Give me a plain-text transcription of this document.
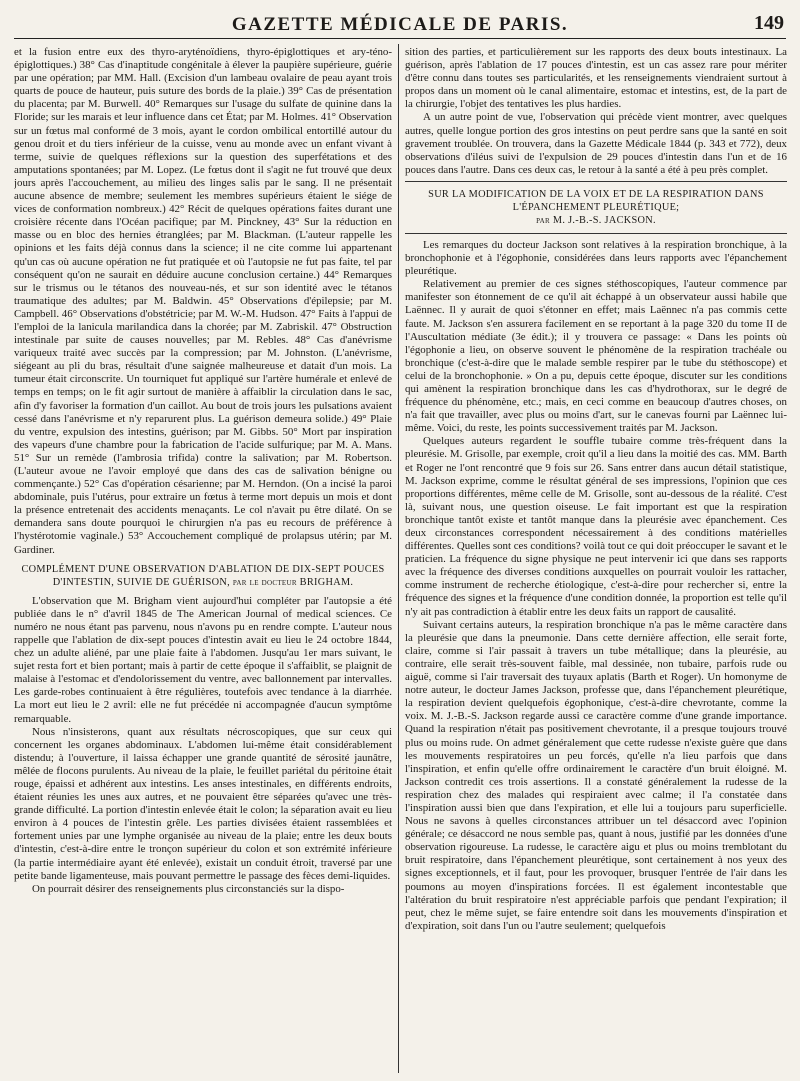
GAZETTE MÉDICALE DE PARIS.	149

et la fusion entre eux des thyro-aryténoïdiens, thyro-épiglottiques et ary-téno-épiglottiques.) 38° Cas d'inaptitude congénitale à élever la paupière supérieure, guérie par une opération; par MM. Hall. (Excision d'un lambeau ovalaire de peau ayant trois quarts de pouce de hauteur, puis suture des bords de la plaie.) 39° Cas de présentation du placenta; par M. Burwell. 40° Remarques sur l'usage du sulfate de quinine dans la Floride; sur les marais et leur influence dans cet État; par M. Holmes. 41° Observation sur un fœtus mal conformé de 3 mois, ayant le cordon ombilical entortillé autour du genou droit et du tiers inférieur de la cuisse, venu au monde avec un enfant vivant à terme, suivie de quelques réflexions sur la question des superfétations et des amputations spontanées; par M. Lopez. (Le fœtus dont il s'agit ne fut trouvé que deux jours après l'accouchement, au milieu des linges salis par le sang. Il ne présentait aucune absence de membre; seulement les membres supérieurs étaient le siége de vices de conformation nombreux.) 42° Récit de quelques opérations faites durant une croisière récente dans l'Océan pacifique; par M. Pinckney, 43° Sur la réduction en masse ou en bloc des hernies étranglées; par M. Blackman. (L'auteur rappelle les opinions et les faits déjà connus dans la science; il ne cite comme lui appartenant qu'un cas où aucune opération ne fut pratiquée et où l'autopsie ne fut pas faite, tel par conséquent qu'on ne saurait en déduire aucune conclusion certaine.) 44° Remarques sur le trismus ou le tétanos des nouveau-nés, et sur son identité avec le tétanos traumatique des adultes; par M. Baldwin. 45° Observations d'épilepsie; par M. Campbell. 46° Observations d'obstétricie; par M. W.-M. Hudson. 47° Faits à l'appui de l'emploi de la lanicula marilandica dans la chorée; par M. Zabriskil. 47° Obstruction intestinale par suite de causes nouvelles; par M. Rebles. 48° Cas d'anévrisme variqueux traité avec succès par la compression; par M. Johnston. (L'anévrisme, siégeant au pli du bras, résultait d'une saignée malheureuse et datait d'un mois. La tumeur était circonscrite. Un tourniquet fut appliqué sur l'artère humérale et enlevé de temps en temps; on le fit agir surtout de manière à affaiblir la circulation dans le sac, afin d'y favoriser la formation d'un caillot. Au bout de trois jours les pulsations avaient cessé dans l'anévrisme et n'y reparurent plus. La guérison demeura solide.) 49° Plaie du ventre, expulsion des intestins, guérison; par M. Gibbs. 50° Mort par inspiration des vapeurs d'une chambre pour la fabrication de l'acide sulfurique; par M. A. Mans. 51° Sur un remède (l'ambrosia trifida) contre la salivation; par M. Robertson. (L'auteur avoue ne l'avoir employé que dans des cas de salivation bénigne ou commençante.) 52° Cas d'opération césarienne; par M. Herndon. (On a incisé la paroi abdominale, puis l'utérus, pour extraire un fœtus à terme mort depuis un mois et dont la présence entretenait des accidents menaçants. Le col n'avait pu être dilaté. On se demandera sans doute pourquoi le chirurgien n'a pas eu recours de préférence à l'hystérotomie vaginale.) 53° Accouchement compliqué de prolapsus utérin; par M. Gardiner.

COMPLÉMENT D'UNE OBSERVATION D'ABLATION DE DIX-SEPT POUCES
D'INTESTIN, SUIVIE DE GUÉRISON, par le docteur BRIGHAM.

L'observation que M. Brigham vient aujourd'hui compléter par l'autopsie a été publiée dans le n° d'avril 1845 de The American Journal of medical sciences. Ce numéro ne nous étant pas parvenu, nous n'avons pu en rendre compte. L'auteur nous rappelle que l'ablation de dix-sept pouces d'intestin avait eu lieu le 24 octobre 1844, chez un adulte aliéné, par une plaie faite à l'abdomen. Jusqu'au 1er mars suivant, le sujet resta fort et bien portant; mais à partir de cette époque il s'affaiblit, se plaignit de malaise à l'estomac et d'endolorissement du ventre, avec ballonnement par intervalles. Les garde-robes continuaient à être régulières, toutefois avec tendance à la diarrhée. La mort eut lieu le 2 avril: elle ne fut précédée ni accompagnée d'aucun symptôme remarquable.

Nous n'insisterons, quant aux résultats nécroscopiques, que sur ceux qui concernent les organes abdominaux. L'abdomen lui-même était considérablement distendu; à l'ouverture, il laissa échapper une grande quantité de sérosité jaunâtre, mêlée de flocons purulents. Au niveau de la plaie, le feuillet pariétal du péritoine était rouge, épaissi et adhérent aux intestins. Les anses intestinales, en différents endroits, étaient réunies les unes aux autres, et ne pouvaient être séparées qu'avec une très-grande difficulté. La portion d'intestin enlevée était le colon; la séparation avait eu lieu environ à 4 pouces de l'intestin grêle. Les parties divisées étaient rassemblées et fortement unies par une lymphe organisée au niveau de la plaie; entre les deux bouts d'intestin, c'est-à-dire entre le tronçon supérieur du colon et son extrémité inférieure (la partie intermédiaire ayant été enlevée), existait un conduit étroit, traversé par une petite bande ligamenteuse, mais pouvant permettre le passage des fèces demi-liquides.

On pourrait désirer des renseignements plus circonstanciés sur la dispo-

sition des parties, et particulièrement sur les rapports des deux bouts intestinaux. La guérison, après l'ablation de 17 pouces d'intestin, est un cas assez rare pour mériter d'être connu dans toutes ses particularités, et les renseignements viendraient surtout à propos dans un moment où le canal alimentaire, estomac et intestins, est, de la part de la chirurgie, l'objet des tentatives les plus hardies.

A un autre point de vue, l'observation qui précède vient montrer, avec quelques autres, quelle longue portion des gros intestins on peut perdre sans que la santé en soit gravement troublée. On trouvera, dans la Gazette Médicale 1844 (p. 343 et 772), deux observations d'iléus suivi de l'expulsion de 29 pouces d'intestin dans l'un et de 16 pouces dans l'autre. Dans ces deux cas, le retour à la santé a été à peu près complet.

SUR LA MODIFICATION DE LA VOIX ET DE LA RESPIRATION DANS L'ÉPANCHEMENT PLEURÉTIQUE;
par M. J.-B.-S. JACKSON.

Les remarques du docteur Jackson sont relatives à la respiration bronchique, à la bronchophonie et à l'égophonie, considérées dans leurs rapports avec l'épanchement pleurétique.

Relativement au premier de ces signes stéthoscopiques, l'auteur commence par manifester son étonnement de ce qu'il ait échappé à un observateur aussi habile que Laënnec. Il y aurait de quoi s'étonner en effet; mais Laënnec n'a pas commis cette faute. M. Jackson s'en assurera facilement en se reportant à la page 320 du tome II de l'Auscultation médiate (3e édit.); il y trouvera ce passage: « Dans les points où l'égophonie a lieu, on observe souvent le phénomène de la respiration trachéale ou bronchique (c'est-à-dire que le malade semble respirer par le tube du stéthoscope) et celui de la bronchophonie. » On a pu, depuis cette époque, discuter sur les conditions qui amènent la respiration bronchique dans les cas d'hydrothorax, sur le degré de fréquence du phénomène, etc.; mais, en ceci comme en beaucoup d'autres choses, on n'a fait que travailler, avec plus ou moins d'art, sur le canevas fourni par Laënnec lui-même. Voici, du reste, les points successivement traités par M. Jackson.

Quelques auteurs regardent le souffle tubaire comme très-fréquent dans la pleurésie. M. Grisolle, par exemple, croit qu'il a lieu dans la moitié des cas. MM. Barth et Roger ne l'ont rencontré que 9 fois sur 26. Sans entrer dans aucun détail statistique, M. Jackson exprime, comme le résultat général de ses impressions, l'opinion que ces proportions différentes, même celle de M. Grisolle, sont au-dessous de la réalité. C'est là, suivant nous, une question oiseuse. Le fait important est que la respiration bronchique tantôt existe et tantôt manque dans la pleurésie avec épanchement. Ces deux circonstances correspondent nécessairement à des conditions matérielles différentes. Quelles sont ces conditions? voilà tout ce qui doit préoccuper le savant et le praticien. La fréquence du signe physique ne peut intervenir ici que dans ses rapports avec la fréquence des diverses conditions auxquelles on pourrait vouloir les rattacher, comme instrument de recherche étiologique, c'est-à-dire pour rechercher si, entre la fréquence des signes et la fréquence d'une condition donnée, la proportion est telle qu'il n'y ait pas contradiction à établir entre les deux faits un rapport de causalité.

Suivant certains auteurs, la respiration bronchique n'a pas le même caractère dans la pleurésie que dans la pneumonie. Dans cette dernière affection, elle serait forte, claire, comme si l'air passait à travers un tube métallique; dans la pleurésie, au contraire, elle serait très-souvent faible, mal dessinée, non tubaire, parfois rude ou aiguë, comme si l'air traversait des tuyaux aplatis (Barth et Roger). Un homonyme de notre auteur, le docteur James Jackson, professe que, dans l'épanchement pleurétique, la respiration devient quelquefois égophonique, c'est-à-dire chevrotante, comme la voix. M. J.-B.-S. Jackson regarde aussi ce caractère comme d'une grande importance. Quand la respiration n'était pas positivement chevrotante, il a presque toujours trouvé plus ou moins rude. On admet généralement que cette rudesse n'existe guère que dans les mouvements respiratoires un peu forcés, qu'elle n'a lieu parfois que dans l'inspiration, et enfin qu'elle offre ordinairement le caractère d'un bruit éloigné. M. Jackson contredit ces trois assertions. Il a constaté généralement la rudesse de la respiration chez des malades qui respiraient avec calme; il l'a constatée dans l'inspiration aussi bien que dans l'expiration, et elle lui a toujours paru superficielle. Nous ne savons à quelles circonstances attribuer un tel désaccord avec l'opinion générale; ce désaccord ne nous semble pas, quant à nous, justifié par les données d'une observation rigoureuse. La rudesse, le caractère aigu et plus ou moins tremblotant du bruit respiratoire, dans l'épanchement pleurétique, sont certainement à nos yeux des signes exceptionnels, et il faut, pour les provoquer, brusquer l'entrée de l'air dans les poumons au moyen d'inspirations forcées. Il est également incontestable que l'altération du bruit respiratoire n'est appréciable parfois que pendant l'expiration; il peut, chez le même sujet, se faire entendre soit dans les mouvements d'inspiration et d'expiration, soit dans l'un ou l'autre seulement; quelquefois
